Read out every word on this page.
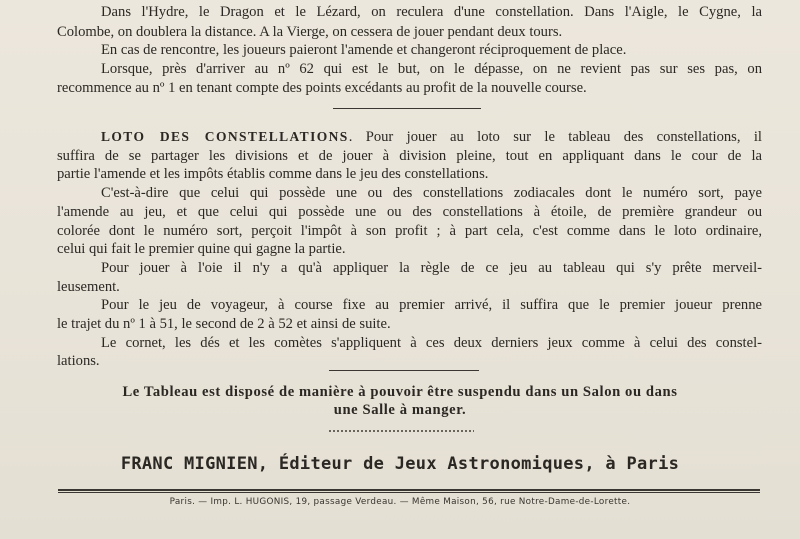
Dans l'Hydre, le Dragon et le Lézard, on reculera d'une constellation. Dans l'Aigle, le Cygne, la
Colombe, on doublera la distance. A la Vierge, on cessera de jouer pendant deux tours.
En cas de rencontre, les joueurs paieront l'amende et changeront réciproquement de place.
Lorsque, près d'arriver au nº 62 qui est le but, on le dépasse, on ne revient pas sur ses pas, on
recommence au nº 1 en tenant compte des points excédants au profit de la nouvelle course.
LOTO DES CONSTELLATIONS. Pour jouer au loto sur le tableau des constellations, il
suffira de se partager les divisions et de jouer à division pleine, tout en appliquant dans le cour de la
partie l'amende et les impôts établis comme dans le jeu des constellations.
C'est-à-dire que celui qui possède une ou des constellations zodiacales dont le numéro sort, paye
l'amende au jeu, et que celui qui possède une ou des constellations à étoile, de première grandeur ou
colorée dont le numéro sort, perçoit l'impôt à son profit ; à part cela, c'est comme dans le loto ordinaire,
celui qui fait le premier quine qui gagne la partie.
Pour jouer à l'oie il n'y a qu'à appliquer la règle de ce jeu au tableau qui s'y prête merveil-
leusement.
Pour le jeu de voyageur, à course fixe au premier arrivé, il suffira que le premier joueur prenne
le trajet du nº 1 à 51, le second de 2 à 52 et ainsi de suite.
Le cornet, les dés et les comètes s'appliquent à ces deux derniers jeux comme à celui des constel-
lations.
Le Tableau est disposé de manière à pouvoir être suspendu dans un Salon ou dans
une Salle à manger.
FRANC MIGNIEN, Éditeur de Jeux Astronomiques, à Paris
Paris. — Imp. L. HUGONIS, 19, passage Verdeau. — Même Maison, 56, rue Notre-Dame-de-Lorette.
